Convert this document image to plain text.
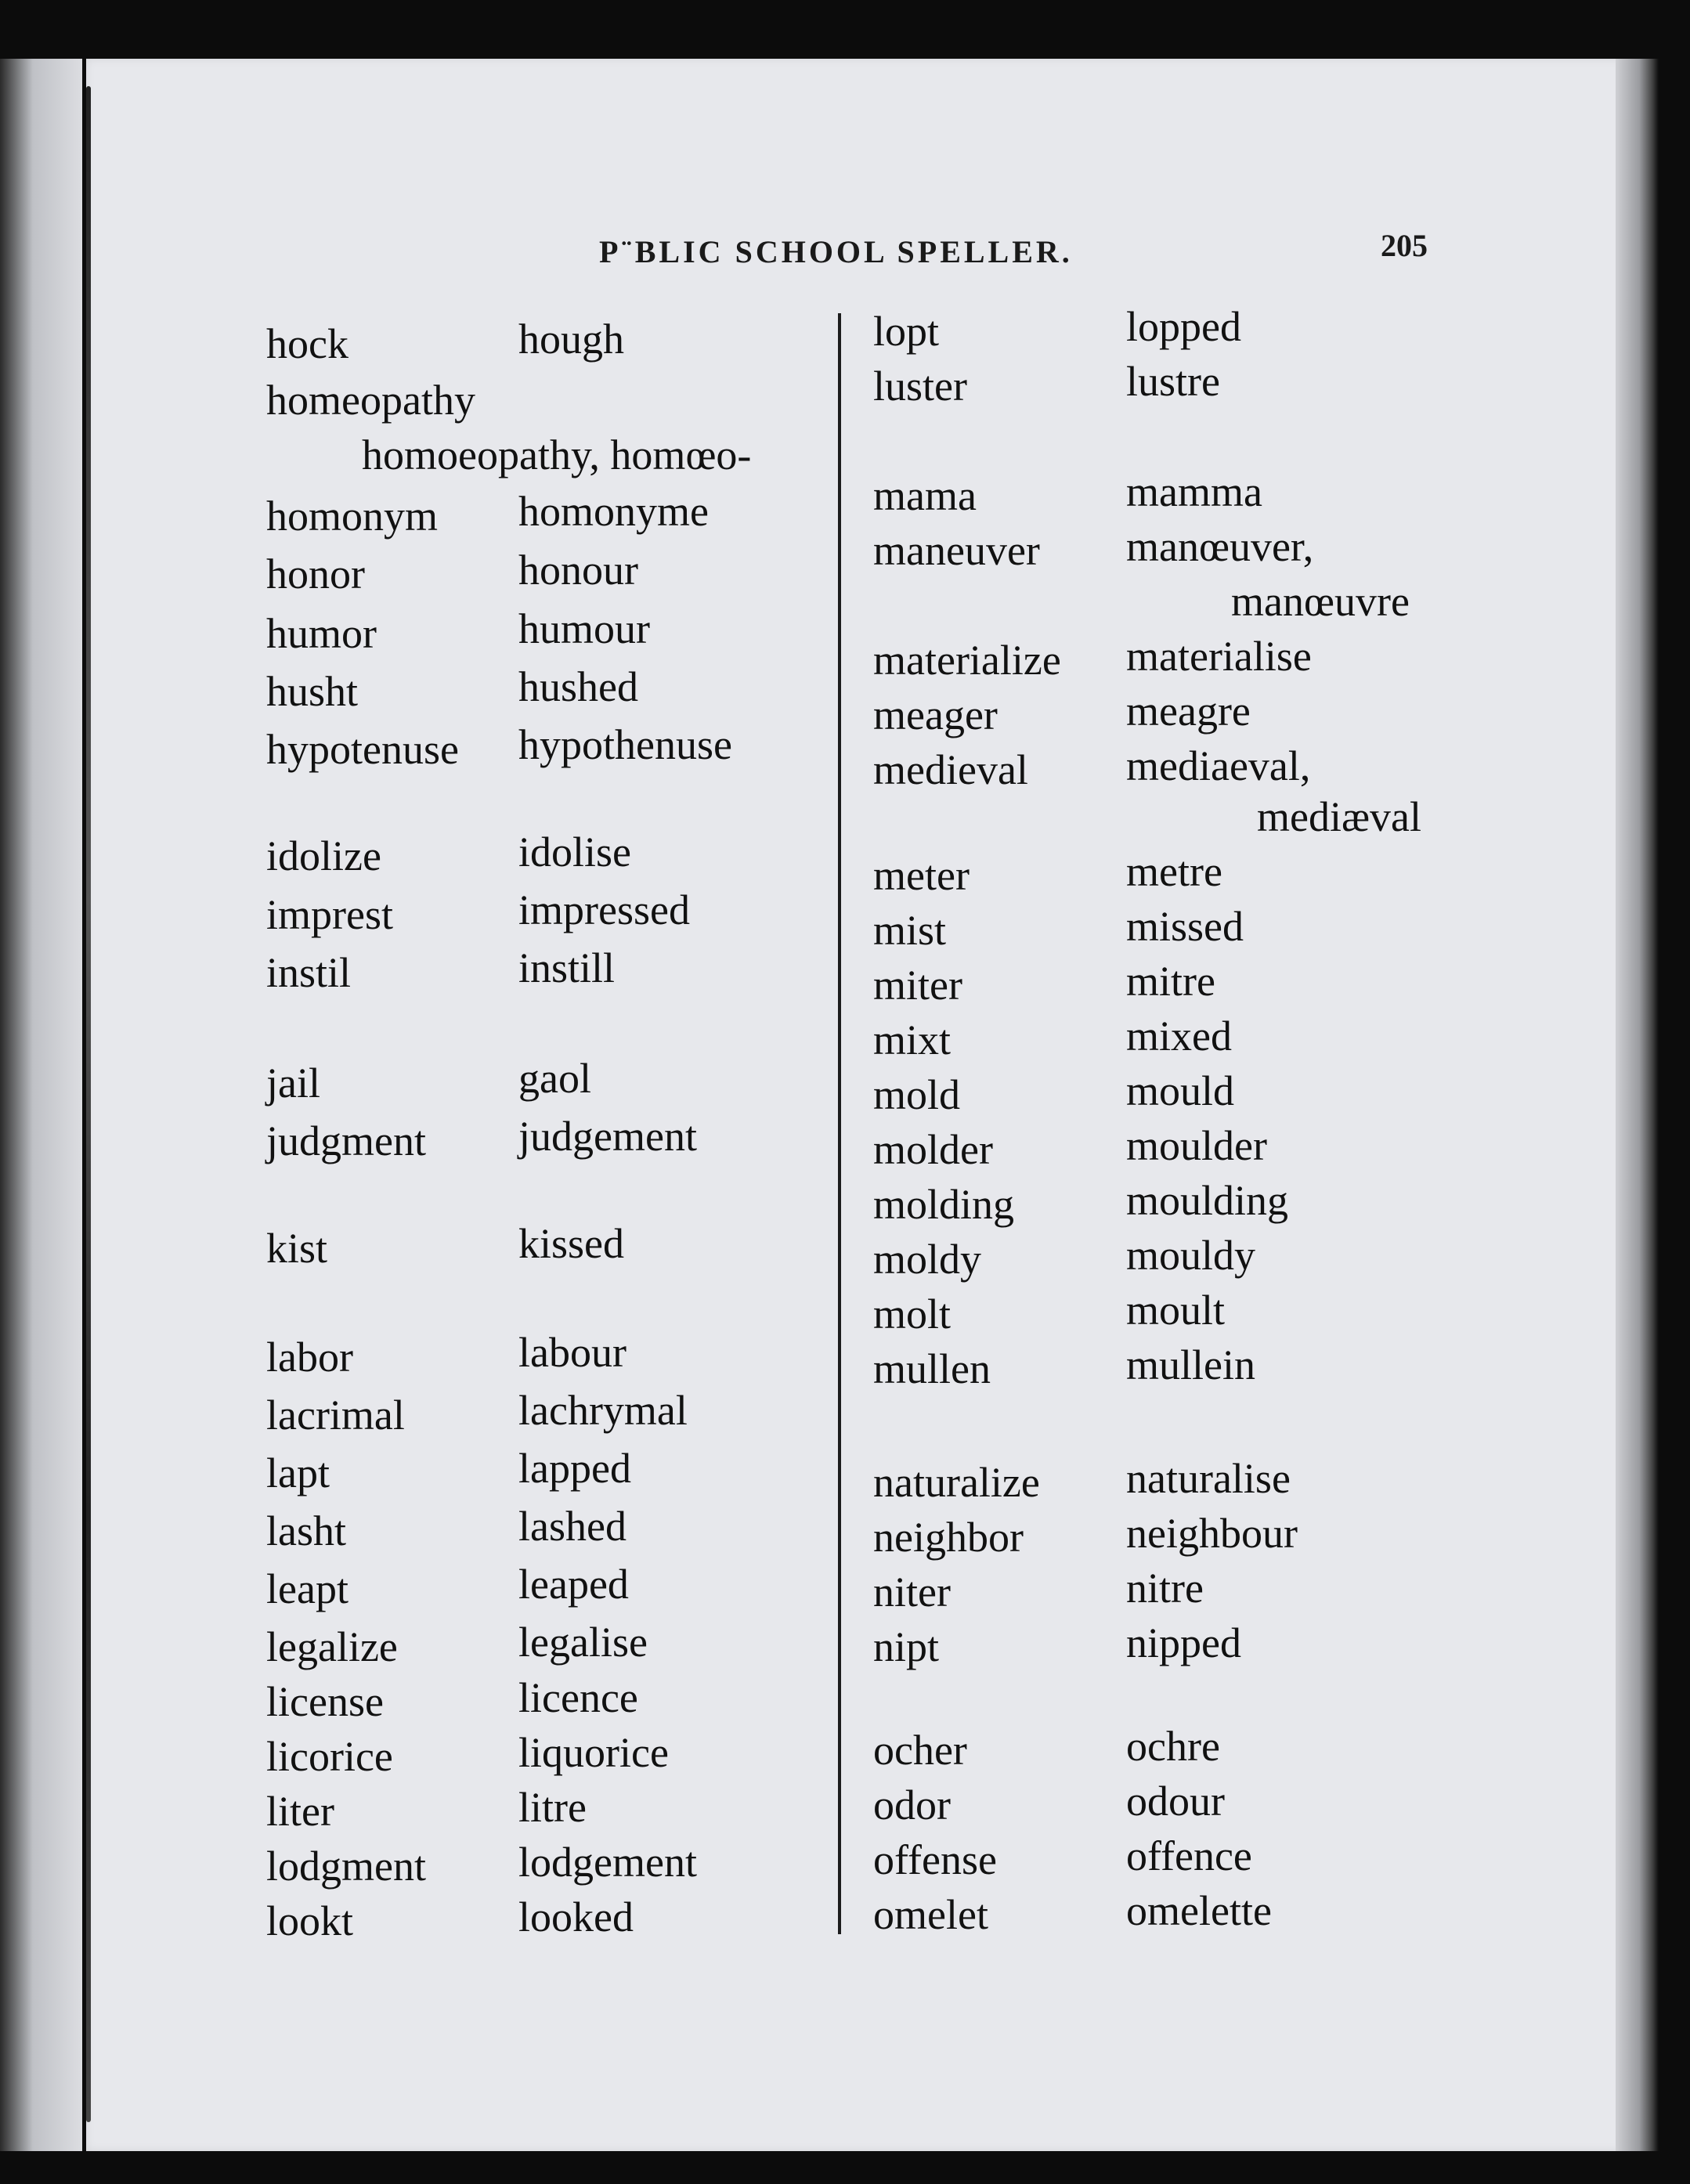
P¨BLIC SCHOOL SPELLER.	205
hock	hough
homeopathy
homoeopathy, homœo-
homonym homonyme
honor	honour
humor	humour
husht	hushed
hypotenuse hypothenuse
idolize	idolise
imprest	impressed
instil	instill
jail	gaol
judgment judgement
kist	kissed
labor	labour
lacrimal	lachrymal
lapt	lapped
lasht	lashed
leapt	leaped
legalize	legalise
license	licence
licorice	liquorice
liter	litre
lodgment lodgement
lookt	looked
lopt	lopped
luster	lustre
mama	mamma
maneuver manœuver,
manœuvre
materialize materialise
meager	meagre
medieval mediaeval,
mediæval
meter	metre
mist	missed
miter	mitre
mixt	mixed
mold	mould
molder	moulder
molding	moulding
moldy	mouldy
molt	moult
mullen	mullein
naturalize naturalise
neighbor neighbour
niter	nitre
nipt	nipped
ocher	ochre
odor	odour
offense	offence
omelet	omelette
